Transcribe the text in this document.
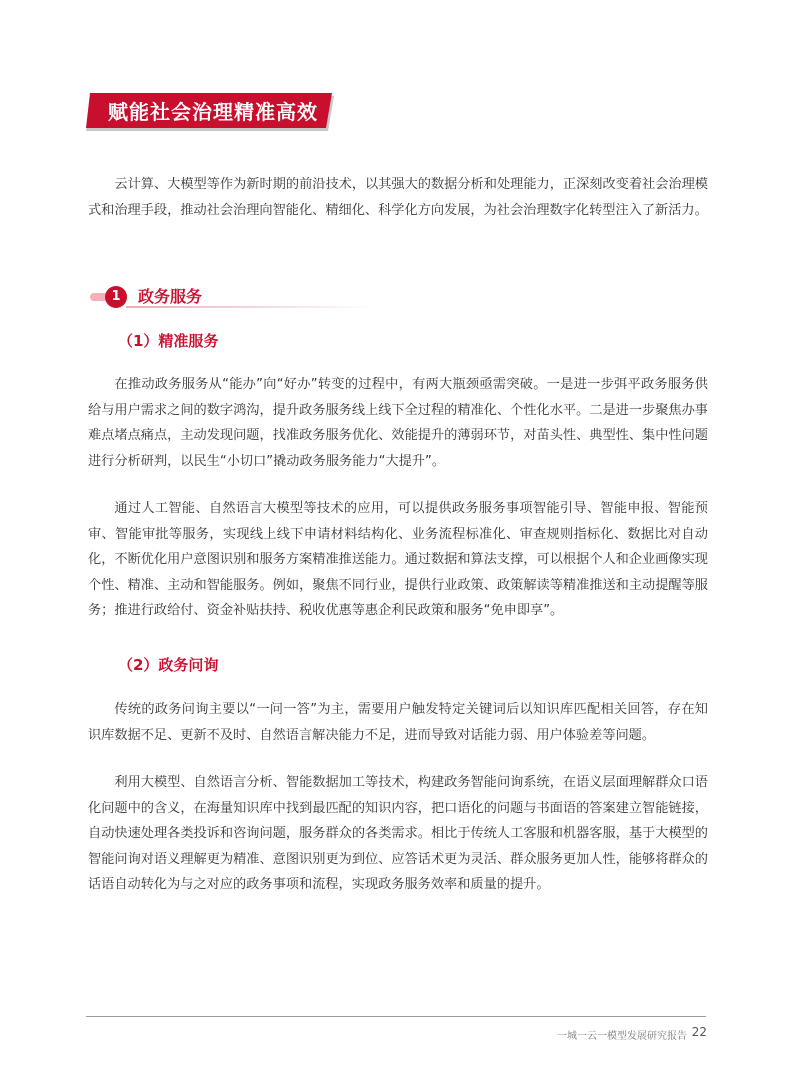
赋能社会治理精准高效

云计算、大模型等作为新时期的前沿技术，以其强大的数据分析和处理能力，正深刻改变着社会治理模式和治理手段，推动社会治理向智能化、精细化、科学化方向发展，为社会治理数字化转型注入了新活力。

1	政务服务
（1）精准服务

在推动政务服务从“能办”向“好办”转变的过程中，有两大瓶颈亟需突破。一是进一步弭平政务服务供给与用户需求之间的数字鸿沟，提升政务服务线上线下全过程的精准化、个性化水平。二是进一步聚焦办事难点堵点痛点，主动发现问题，找准政务服务优化、效能提升的薄弱环节，对苗头性、典型性、集中性问题进行分析研判，以民生“小切口”撬动政务服务能力“大提升”。

通过人工智能、自然语言大模型等技术的应用，可以提供政务服务事项智能引导、智能申报、智能预审、智能审批等服务，实现线上线下申请材料结构化、业务流程标准化、审查规则指标化、数据比对自动化，不断优化用户意图识别和服务方案精准推送能力。通过数据和算法支撑，可以根据个人和企业画像实现个性、精准、主动和智能服务。例如，聚焦不同行业，提供行业政策、政策解读等精准推送和主动提醒等服务；推进行政给付、资金补贴扶持、税收优惠等惠企利民政策和服务“免申即享”。

（2）政务问询

传统的政务问询主要以“一问一答”为主，需要用户触发特定关键词后以知识库匹配相关回答，存在知识库数据不足、更新不及时、自然语言解决能力不足，进而导致对话能力弱、用户体验差等问题。

利用大模型、自然语言分析、智能数据加工等技术，构建政务智能问询系统，在语义层面理解群众口语化问题中的含义，在海量知识库中找到最匹配的知识内容，把口语化的问题与书面语的答案建立智能链接，自动快速处理各类投诉和咨询问题，服务群众的各类需求。相比于传统人工客服和机器客服，基于大模型的智能问询对语义理解更为精准、意图识别更为到位、应答话术更为灵活、群众服务更加人性，能够将群众的话语自动转化为与之对应的政务事项和流程，实现政务服务效率和质量的提升。

一城一云一模型发展研究报告 22
